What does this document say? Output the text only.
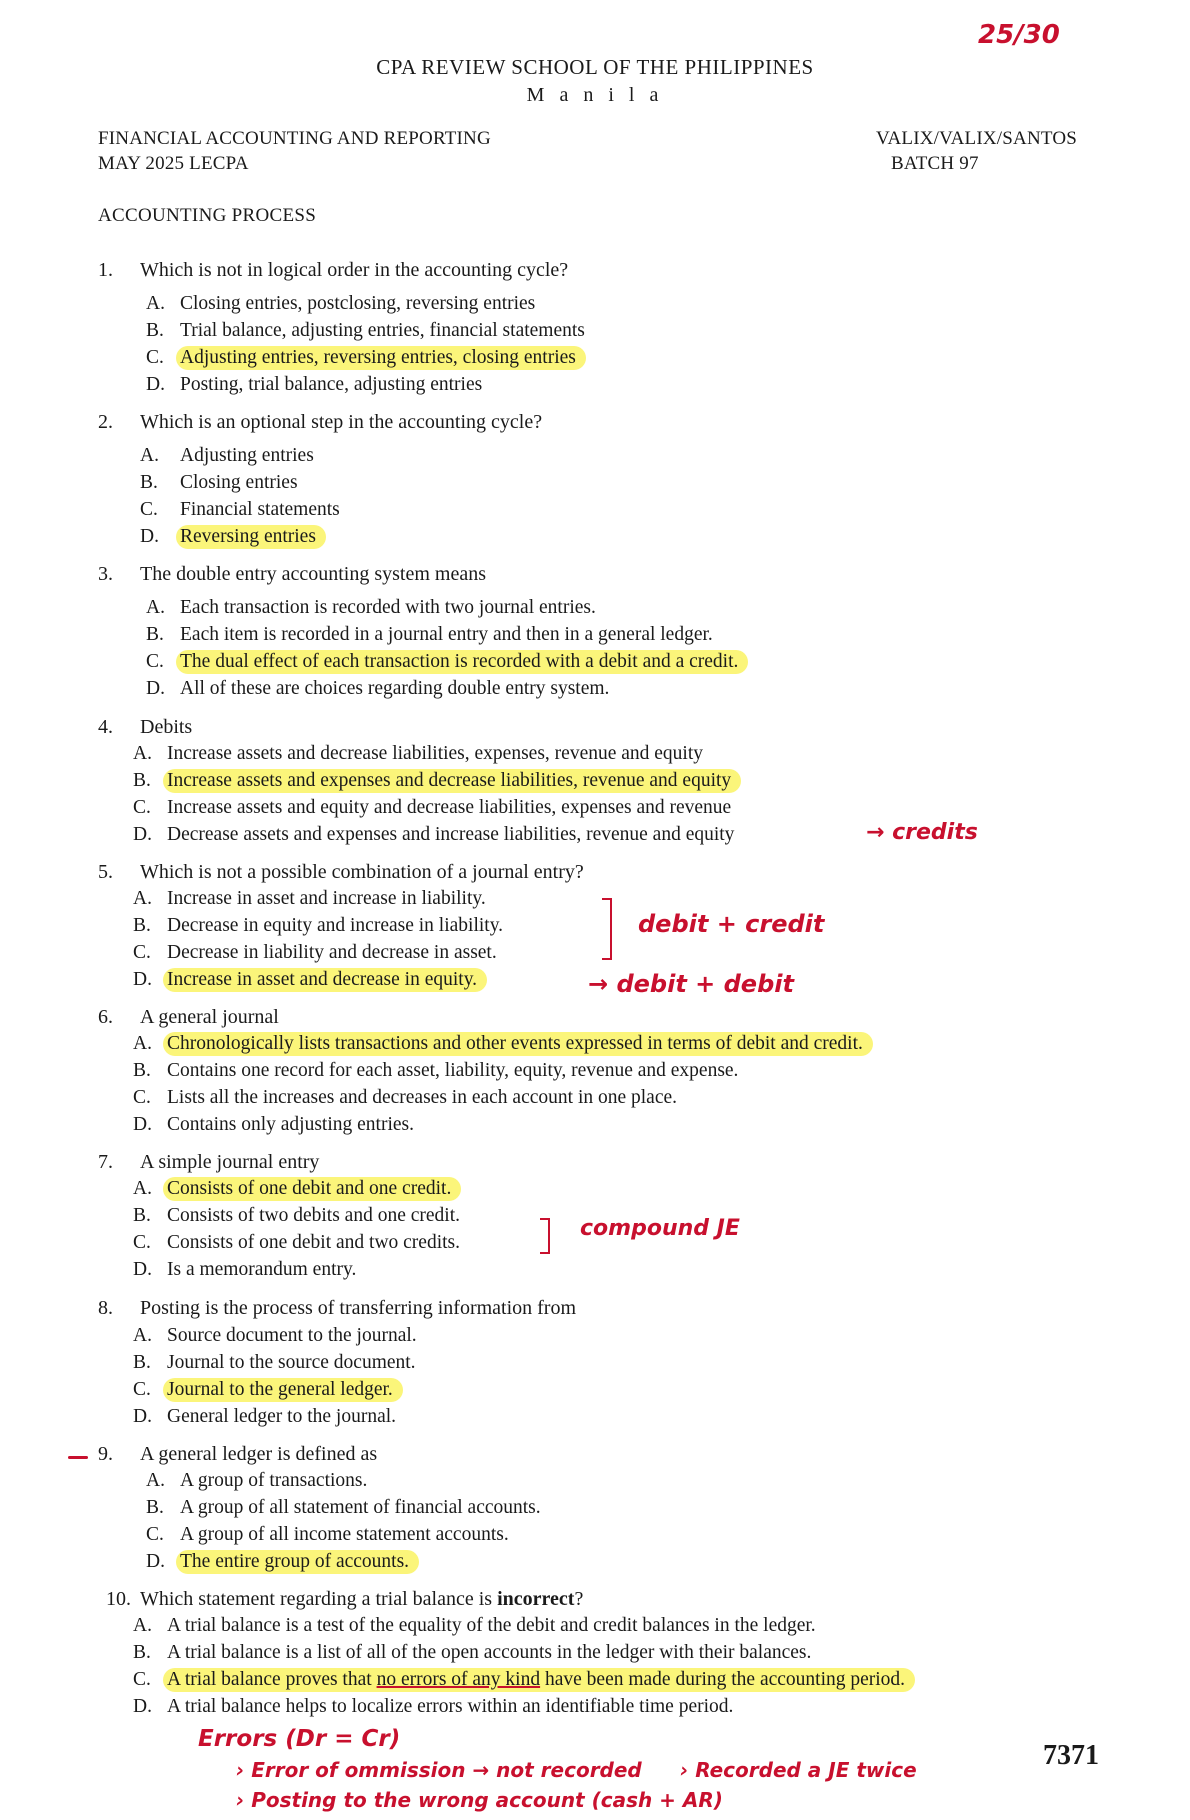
CPA REVIEW SCHOOL OF THE PHILIPPINES
M a n i l a
FINANCIAL ACCOUNTING AND REPORTING
MAY 2025 LECPA
VALIX/VALIX/SANTOS
BATCH 97
ACCOUNTING PROCESS
1. Which is not in logical order in the accounting cycle?
A. Closing entries, postclosing, reversing entries
B. Trial balance, adjusting entries, financial statements
C. Adjusting entries, reversing entries, closing entries
D. Posting, trial balance, adjusting entries
2. Which is an optional step in the accounting cycle?
A. Adjusting entries
B. Closing entries
C. Financial statements
D. Reversing entries
3. The double entry accounting system means
A. Each transaction is recorded with two journal entries.
B. Each item is recorded in a journal entry and then in a general ledger.
C. The dual effect of each transaction is recorded with a debit and a credit.
D. All of these are choices regarding double entry system.
4. Debits
A. Increase assets and decrease liabilities, expenses, revenue and equity
B. Increase assets and expenses and decrease liabilities, revenue and equity
C. Increase assets and equity and decrease liabilities, expenses and revenue
D. Decrease assets and expenses and increase liabilities, revenue and equity	→ credits
5. Which is not a possible combination of a journal entry?
A. Increase in asset and increase in liability.
B. Decrease in equity and increase in liability.
C. Decrease in liability and decrease in asset.
D. Increase in asset and decrease in equity.
debit + credit
→ debit + debit
6. A general journal
A. Chronologically lists transactions and other events expressed in terms of debit and credit.
B. Contains one record for each asset, liability, equity, revenue and expense.
C. Lists all the increases and decreases in each account in one place.
D. Contains only adjusting entries.
7. A simple journal entry
A. Consists of one debit and one credit.
B. Consists of two debits and one credit.
C. Consists of one debit and two credits.
D. Is a memorandum entry.
compound JE
8. Posting is the process of transferring information from
A. Source document to the journal.
B. Journal to the source document.
C. Journal to the general ledger.
D. General ledger to the journal.
9. A general ledger is defined as
A. A group of transactions.
B. A group of all statement of financial accounts.
C. A group of all income statement accounts.
D. The entire group of accounts.
10. Which statement regarding a trial balance is incorrect?
A. A trial balance is a test of the equality of the debit and credit balances in the ledger.
B. A trial balance is a list of all of the open accounts in the ledger with their balances.
C. A trial balance proves that no errors of any kind have been made during the accounting period.
D. A trial balance helps to localize errors within an identifiable time period.
Errors (Dr = Cr)
› Error of ommission → not recorded › Recorded a JE twice
› Posting to the wrong account (cash + AR)
25/30
7371
